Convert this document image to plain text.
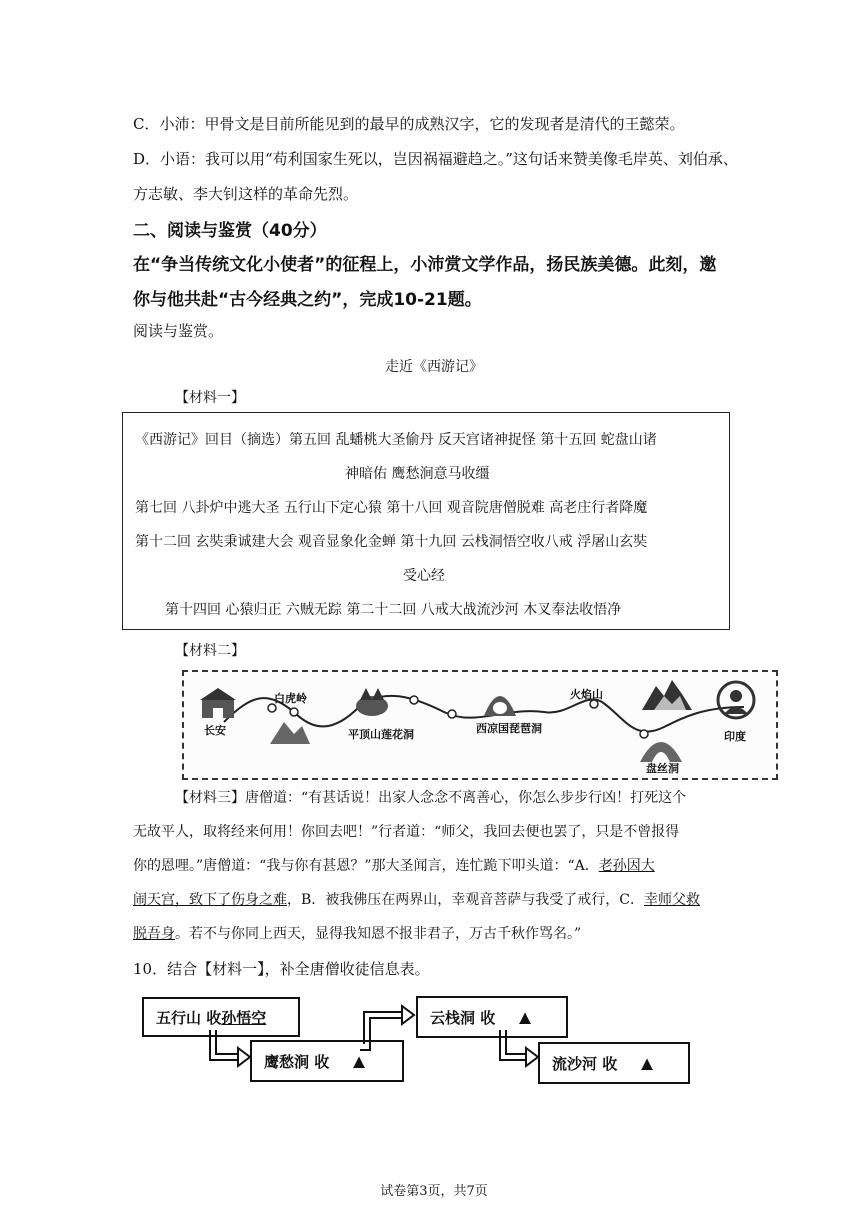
C．小沛：甲骨文是目前所能见到的最早的成熟汉字，它的发现者是清代的王懿荣。
D．小语：我可以用“苟利国家生死以，岂因祸福避趋之。”这句话来赞美像毛岸英、刘伯承、
方志敏、李大钊这样的革命先烈。
二、阅读与鉴赏（40分）
在“争当传统文化小使者”的征程上，小沛赏文学作品，扬民族美德。此刻，邀
你与他共赴“古今经典之约”，完成10-21题。
阅读与鉴赏。
走近《西游记》
【材料一】
《西游记》回目（摘选）第五回 乱蟠桃大圣偷丹 反天宫诸神捉怪 第十五回 蛇盘山诸
神暗佑 鹰愁涧意马收缰
第七回 八卦炉中逃大圣 五行山下定心猿 第十八回 观音院唐僧脱难 高老庄行者降魔
第十二回 玄奘秉诚建大会 观音显象化金蝉 第十九回 云栈洞悟空收八戒 浮屠山玄奘
受心经
第十四回 心猿归正 六贼无踪 第二十二回 八戒大战流沙河 木叉奉法收悟净
【材料二】
长安
白虎岭
平顶山莲花洞	西凉国琵琶洞
火焰山
盘丝洞
印度
【材料三】唐僧道：“有甚话说！出家人念念不离善心，你怎么步步行凶！打死这个
无故平人，取将经来何用！你回去吧！”行者道：“师父，我回去便也罢了，只是不曾报得
你的恩哩。”唐僧道：“我与你有甚恩？”那大圣闻言，连忙跪下叩头道：“A．老孙因大
闹天宫，致下了伤身之难，B．被我佛压在两界山，幸观音菩萨与我受了戒行，C．幸师父救
脱吾身。若不与你同上西天，显得我知恩不报非君子，万古千秋作骂名。”
10．结合【材料一】，补全唐僧收徒信息表。
五行山 收 孙悟空
鹰愁涧 收	▲
云栈洞 收	▲
流沙河 收	▲
试卷第3页，共7页
